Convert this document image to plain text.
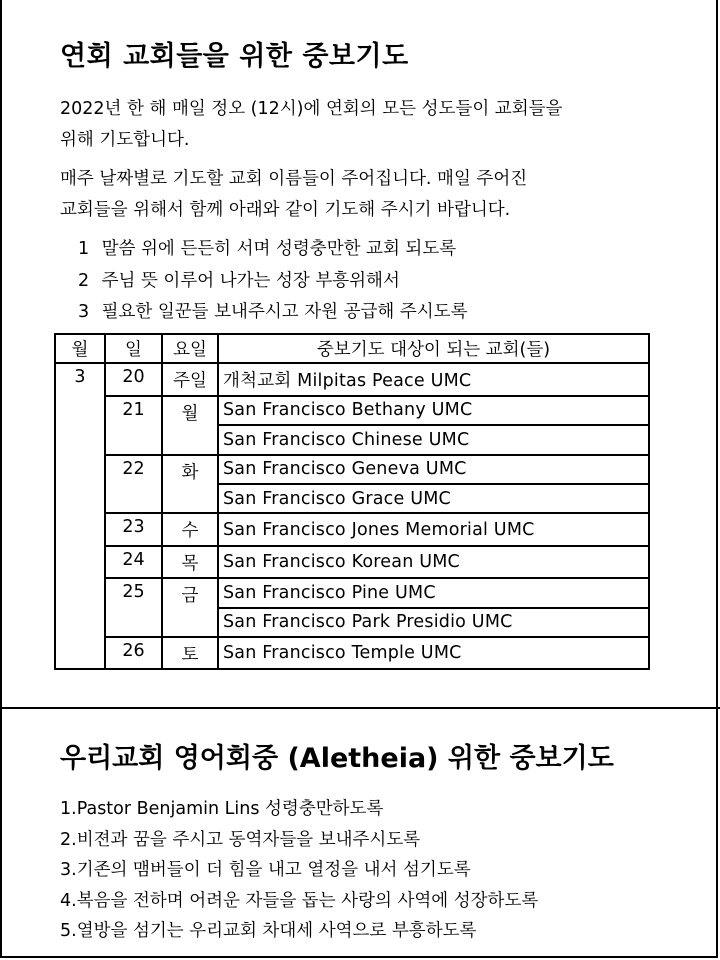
연회 교회들을 위한 중보기도
2022년 한 해 매일 정오 (12시)에 연회의 모든 성도들이 교회들을
위해 기도합니다.
매주 날짜별로 기도할 교회 이름들이 주어집니다. 매일 주어진
교회들을 위해서 함께 아래와 같이 기도해 주시기 바랍니다.
1 말씀 위에 든든히 서며 성령충만한 교회 되도록
2 주님 뜻 이루어 나가는 성장 부흥위해서
3 필요한 일꾼들 보내주시고 자원 공급해 주시도록
월	일	요일	중보기도 대상이 되는 교회(들)
3	20	주일	개척교회 Milpitas Peace UMC
	21	월	San Francisco Bethany UMC
			San Francisco Chinese UMC
	22	화	San Francisco Geneva UMC
			San Francisco Grace UMC
	23	수	San Francisco Jones Memorial UMC
	24	목	San Francisco Korean UMC
	25	금	San Francisco Pine UMC
			San Francisco Park Presidio UMC
	26	토	San Francisco Temple UMC
우리교회 영어회중 (Aletheia) 위한 중보기도
1.Pastor Benjamin Lins 성령충만하도록
2.비젼과 꿈을 주시고 동역자들을 보내주시도록
3.기존의 맴버들이 더 힘을 내고 열정을 내서 섬기도록
4.복음을 전하며 어려운 자들을 돕는 사랑의 사역에 성장하도록
5.열방을 섬기는 우리교회 차대세 사역으로 부흥하도록
